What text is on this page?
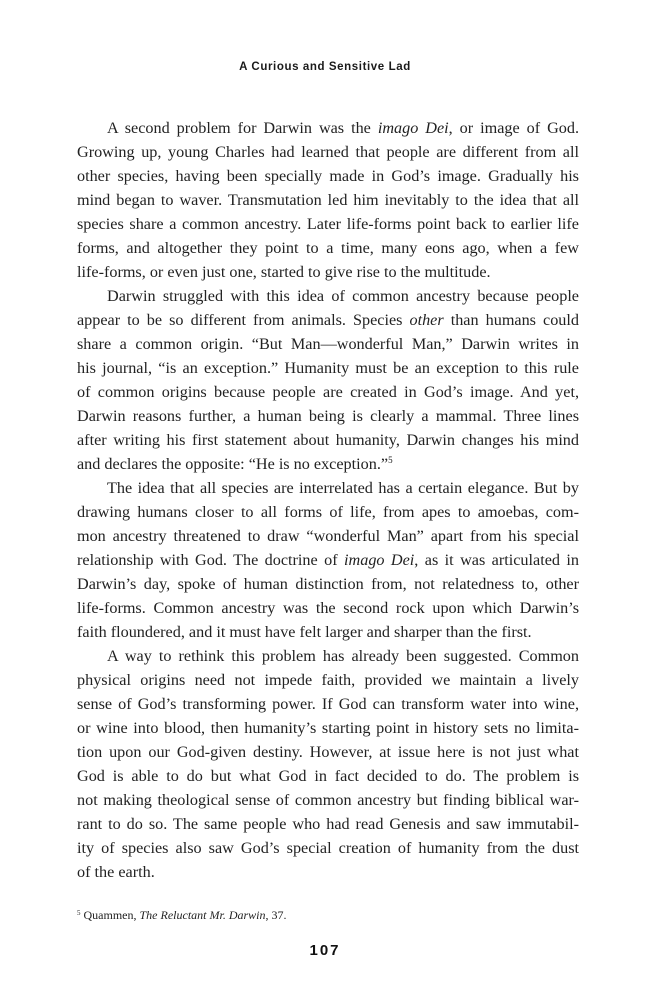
A Curious and Sensitive Lad

A second problem for Darwin was the imago Dei, or image of God.
Growing up, young Charles had learned that people are different from all
other species, having been specially made in God’s image. Gradually his
mind began to waver. Transmutation led him inevitably to the idea that all
species share a common ancestry. Later life-forms point back to earlier life
forms, and altogether they point to a time, many eons ago, when a few
life-forms, or even just one, started to give rise to the multitude.

Darwin struggled with this idea of common ancestry because people
appear to be so different from animals. Species other than humans could
share a common origin. “But Man—wonderful Man,” Darwin writes in
his journal, “is an exception.” Humanity must be an exception to this rule
of common origins because people are created in God’s image. And yet,
Darwin reasons further, a human being is clearly a mammal. Three lines
after writing his first statement about humanity, Darwin changes his mind
and declares the opposite: “He is no exception.”$^5$

The idea that all species are interrelated has a certain elegance. But by
drawing humans closer to all forms of life, from apes to amoebas, com-
mon ancestry threatened to draw “wonderful Man” apart from his special
relationship with God. The doctrine of imago Dei, as it was articulated in
Darwin’s day, spoke of human distinction from, not relatedness to, other
life-forms. Common ancestry was the second rock upon which Darwin’s
faith floundered, and it must have felt larger and sharper than the first.

A way to rethink this problem has already been suggested. Common
physical origins need not impede faith, provided we maintain a lively
sense of God’s transforming power. If God can transform water into wine,
or wine into blood, then humanity’s starting point in history sets no limita-
tion upon our God-given destiny. However, at issue here is not just what
God is able to do but what God in fact decided to do. The problem is
not making theological sense of common ancestry but finding biblical war-
rant to do so. The same people who had read Genesis and saw immutabil-
ity of species also saw God’s special creation of humanity from the dust
of the earth.

$^5$ Quammen, The Reluctant Mr. Darwin, 37.
107
